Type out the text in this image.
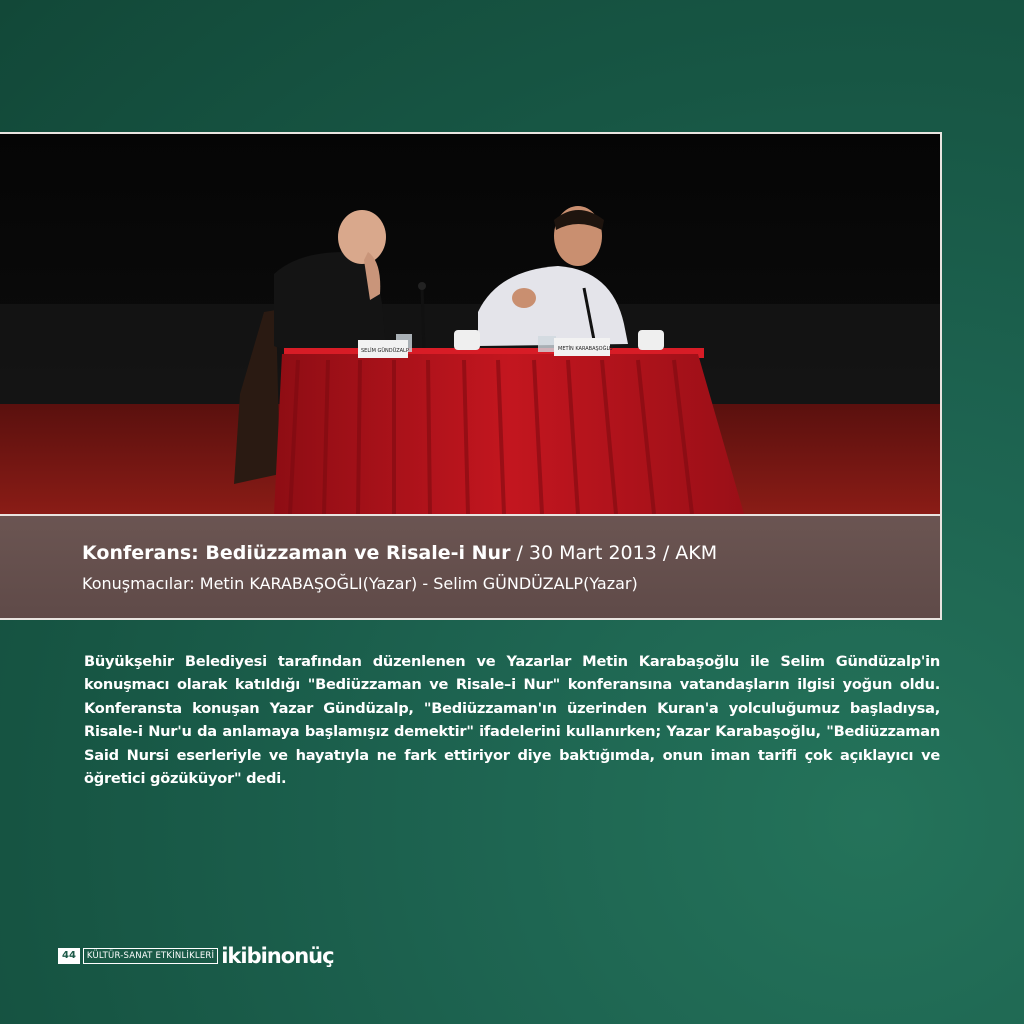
SELİM GÜNDÜZALP	METİN KARABAŞOĞLU
Konferans: Bediüzzaman ve Risale-i Nur / 30 Mart 2013 / AKM
Konuşmacılar: Metin KARABAŞOĞLI(Yazar) - Selim GÜNDÜZALP(Yazar)
Büyükşehir Belediyesi tarafından düzenlenen ve Yazarlar Metin Karabaşoğlu ile Selim Gündüzalp'in konuşmacı olarak katıldığı "Bediüzzaman ve Risale–i Nur" konferansına vatandaşların ilgisi yoğun oldu. Konferansta konuşan Yazar Gündüzalp, "Bediüzzaman'ın üzerinden Kuran'a yolculuğumuz başladıysa, Risale-i Nur'u da anlamaya başlamışız demektir" ifadelerini kullanırken; Yazar Karabaşoğlu, "Bediüzzaman Said Nursi eserleriyle ve hayatıyla ne fark ettiriyor diye baktığımda, onun iman tarifi çok açıklayıcı ve öğretici gözüküyor" dedi.
44	KÜLTÜR-SANAT ETKİNLİKLERİ ikibinonüç
